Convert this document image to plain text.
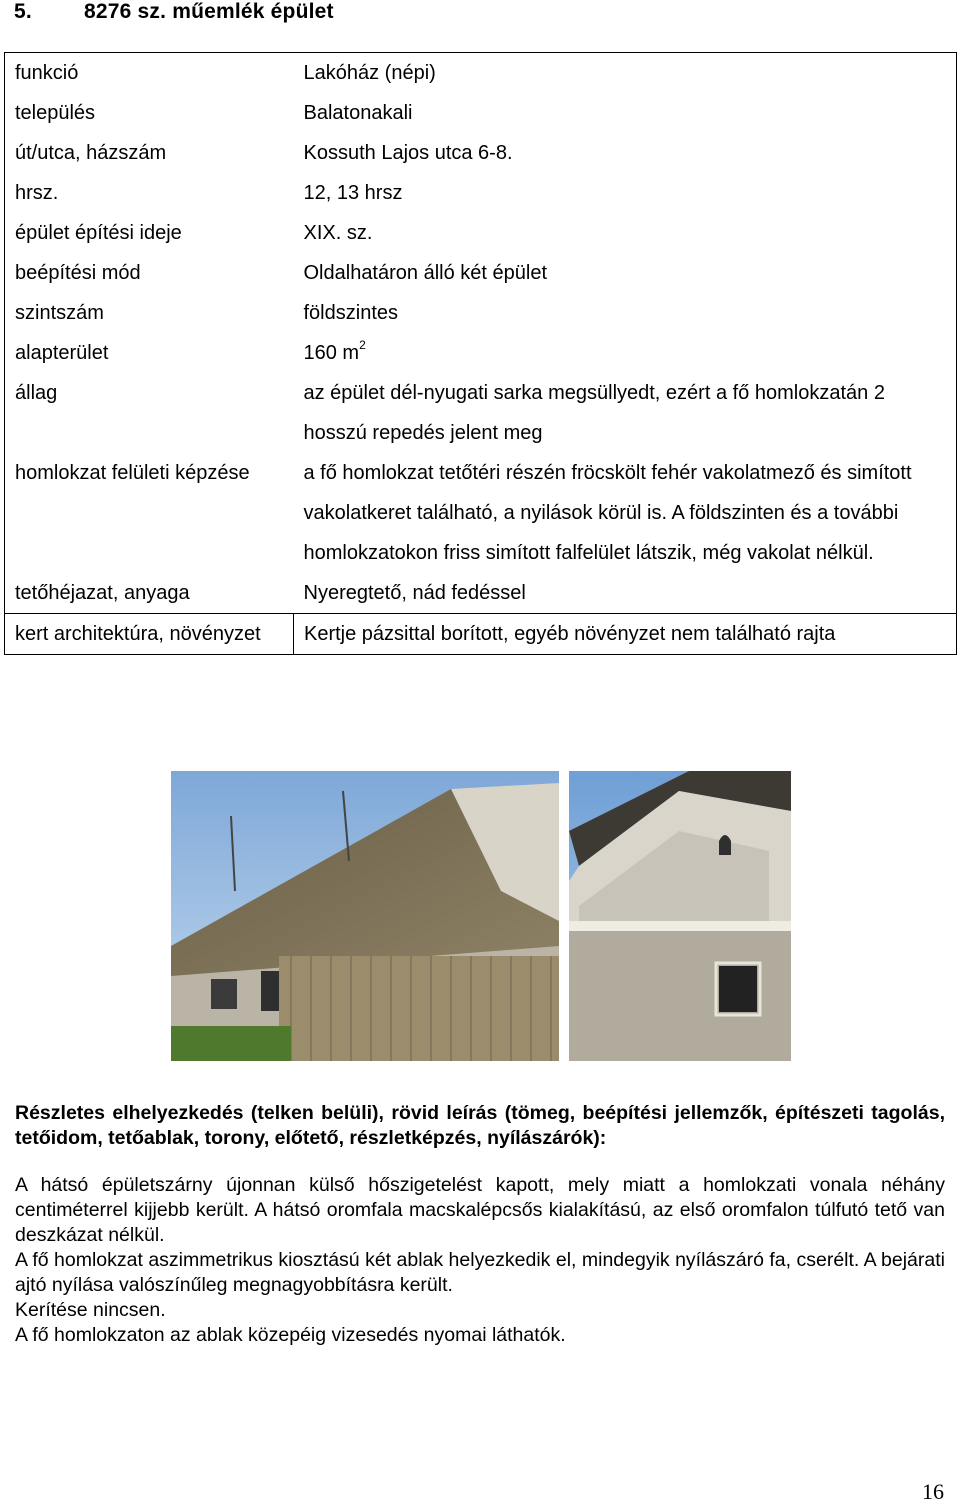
5. 8276 sz. műemlék épület
funkció	Lakóház (népi)
település	Balatonakali
út/utca, házszám	Kossuth Lajos utca 6-8.
hrsz.	12, 13 hrsz
épület építési ideje	XIX. sz.
beépítési mód	Oldalhatáron álló két épület
szintszám	földszintes
alapterület	160 $m^2$
állag	az épület dél-nyugati sarka megsüllyedt, ezért a fő homlokzatán 2 hosszú repedés jelent meg
homlokzat felületi képzése	a fő homlokzat tetőtéri részén fröcskölt fehér vakolatmező és simított vakolatkeret található, a nyilások körül is. A földszinten és a további homlokzatokon friss simított falfelület látszik, még vakolat nélkül.
tetőhéjazat, anyaga	Nyeregtető, nád fedéssel
kert architektúra, növényzet	Kertje pázsittal borított, egyéb növényzet nem található rajta
Részletes elhelyezkedés (telken belüli), rövid leírás (tömeg, beépítési jellemzők, építészeti tagolás, tetőidom, tetőablak, torony, előtető, részletképzés, nyílászárók):

A hátsó épületszárny újonnan külső hőszigetelést kapott, mely miatt a homlokzati vonala néhány centiméterrel kijjebb került. A hátsó oromfala macskalépcsős kialakítású, az első oromfalon túlfutó tető van deszkázat nélkül.

A fő homlokzat aszimmetrikus kiosztású két ablak helyezkedik el, mindegyik nyílászáró fa, cserélt. A bejárati ajtó nyílása valószínűleg megnagyobbításra került.

Kerítése nincsen.

A fő homlokzaton az ablak közepéig vizesedés nyomai láthatók.

16
